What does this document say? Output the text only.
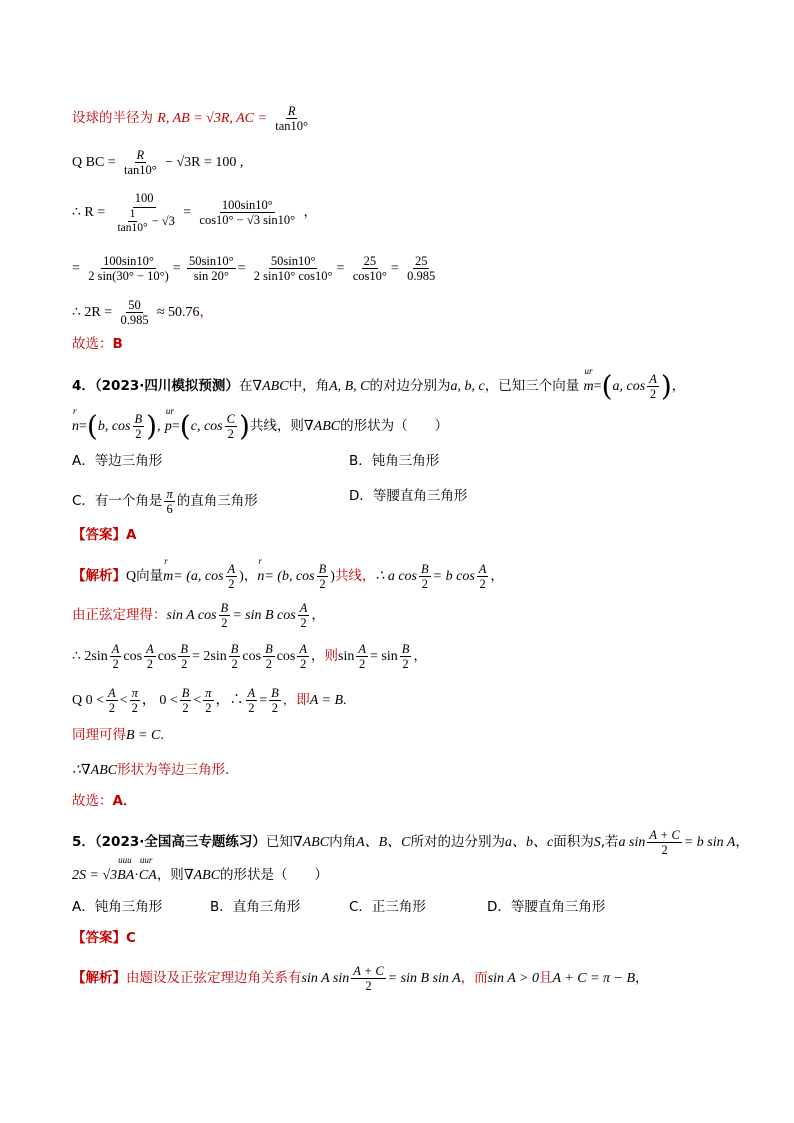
设球的半径为 R, AB = √3R, AC = $\frac{R}{\tan 10^\circ}$
Q BC = $\frac{R}{\tan 10^\circ} - √3R = 100$ ,
∴ $R = \frac{100}{\frac{1}{\tan 10^\circ} - √3} = \frac{100\sin 10^\circ}{\cos 10^\circ - √3 \sin 10^\circ}$ ，
= $\frac{100\sin 10^\circ}{2 \sin(30^\circ - 10^\circ)} = \frac{50\sin 10^\circ}{\sin 20^\circ} = \frac{50\sin 10^\circ}{2 \sin 10^\circ \cos 10^\circ} = \frac{25}{\cos 10^\circ} = \frac{25}{0.985}$
∴ $2R = \frac{50}{0.985} \approx 50.76$，
故选：B
4．（2023·四川模拟预测）在∇ABC中，角A, B, C的对边分别为a, b, c，已知三个向量
ur
m=(a, $\cos \frac{A}{2}$ )，
r
n=(b, $\cos \frac{B}{2}$ ),
ur
p=(c, $\cos \frac{C}{2}$ )共线，则∇ABC的形状为（　　）
A．等边三角形	B．钝角三角形
C．有一个角是 $\frac{\pi}{6}$ 的直角三角形	D．等腰直角三角形
【答案】A
【解析】Q向量
r
m= (a, $\cos \frac{A}{2}$ )，
r
n= (b, $\cos \frac{B}{2}$ )共线，∴ a $\cos \frac{B}{2} = b$ $\cos \frac{A}{2}$ ，
由正弦定理得：sin A $\cos \frac{B}{2} = \sin B$ $\cos \frac{A}{2}$ ，
∴ $2\sin \frac{A}{2}$ $\cos \frac{A}{2}$ $\cos \frac{B}{2} = 2\sin \frac{B}{2}$ $\cos \frac{B}{2}$ $\cos \frac{A}{2}$ ，则$\sin \frac{A}{2} = \sin \frac{B}{2}$ ，
Q $0 < \frac{A}{2} < \frac{\pi}{2}$ ， $0 < \frac{B}{2} < \frac{\pi}{2}$ ，∴ $\frac{A}{2} = \frac{B}{2}$ ，即A = B.
同理可得B = C.
∴∇ABC形状为等边三角形．
故选：A．
5．（2023·全国高三专题练习）已知∇ABC内角A、B、C所对的边分别为a、b、c面积为S,若a $\sin \frac{A + C}{2} = b$ sin A，
2S = √3
uuu
BA·
uur
CA，则∇ABC的形状是（　　）
A．钝角三角形	B．直角三角形	C．正三角形	D．等腰直角三角形
【答案】C
【解析】由题设及正弦定理边角关系有sin A $\sin \frac{A + C}{2} = \sin B$ sin A，而sin A > 0且A + C = π − B，
